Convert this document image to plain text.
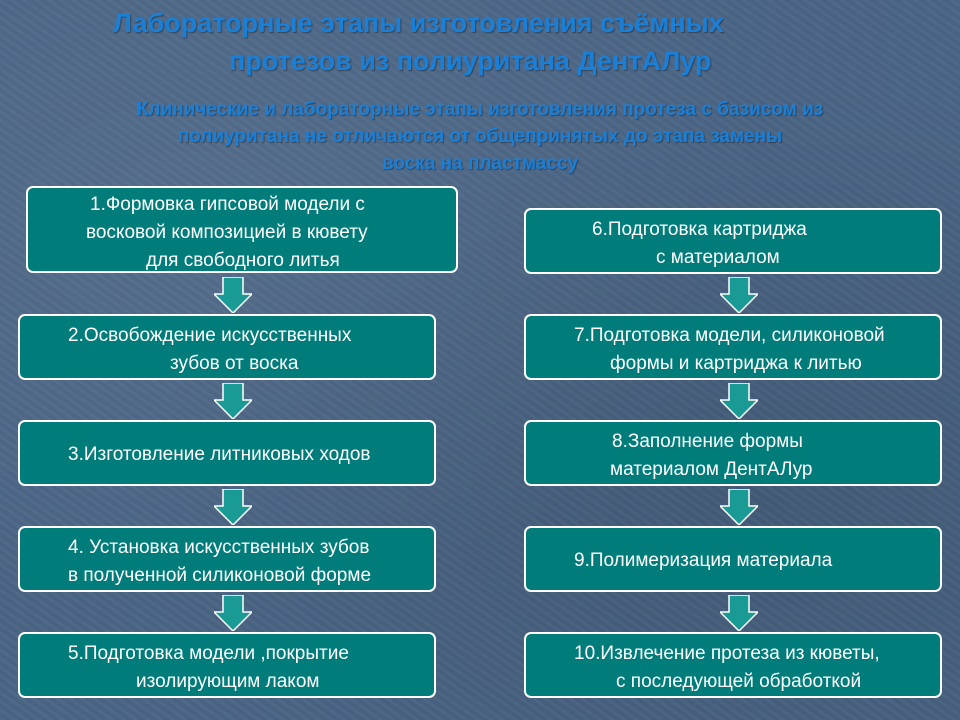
Лабораторные этапы изготовления съёмных
протезов из полиуритана ДентАЛур
Клинические и лабораторные этапы изготовления протеза с базисом из
полиуритана не отличаются от общепринятых до этапа замены
воска на пластмассу
1.Формовка гипсовой модели с
восковой композицией в кювету
для свободного литья
2.Освобождение искусственных
зубов от воска
3.Изготовление литниковых ходов
4. Установка искусственных зубов
в полученной силиконовой форме
5.Подготовка модели ,покрытие
изолирующим лаком
6.Подготовка картриджа
с материалом
7.Подготовка модели, силиконовой
формы и картриджа к литью
8.Заполнение формы
материалом ДентАЛур
9.Полимеризация материала
10.Извлечение протеза из кюветы,
с последующей обработкой
